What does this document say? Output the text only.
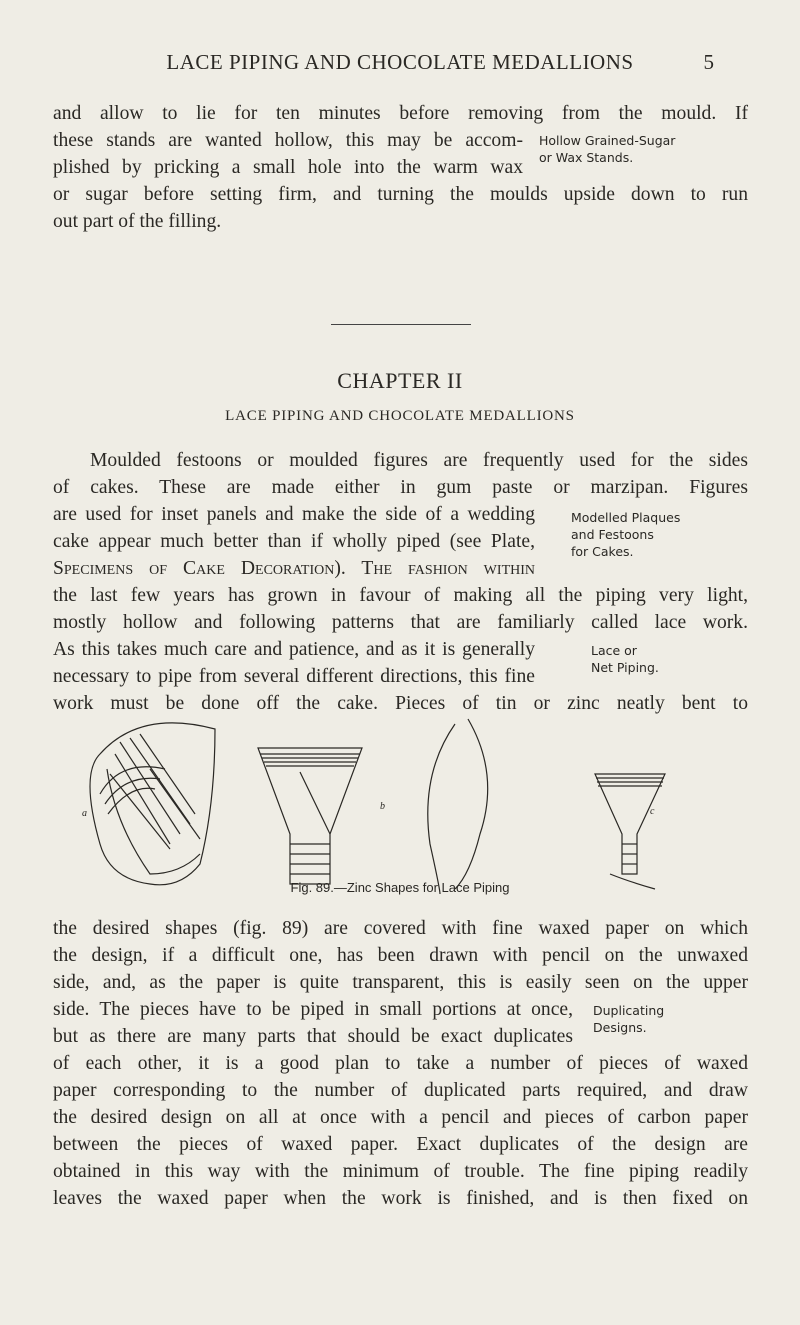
LACE PIPING AND CHOCOLATE MEDALLIONS	5
and allow to lie for ten minutes before removing from the mould. If
these stands are wanted hollow, this may be accom-
plished by pricking a small hole into the warm wax
or sugar before setting firm, and turning the moulds upside down to run
out part of the filling.
Hollow Grained-Sugar
or Wax Stands.
CHAPTER II
LACE PIPING AND CHOCOLATE MEDALLIONS
Moulded festoons or moulded figures are frequently used for the sides
of cakes. These are made either in gum paste or marzipan. Figures
are used for inset panels and make the side of a wedding
cake appear much better than if wholly piped (see Plate,
Specimens of Cake Decoration). The fashion within
the last few years has grown in favour of making all the piping very light,
mostly hollow and following patterns that are familiarly called lace work.
As this takes much care and patience, and as it is generally
necessary to pipe from several different directions, this fine
work must be done off the cake. Pieces of tin or zinc neatly bent to
Modelled Plaques
and Festoons
for Cakes.
Lace or
Net Piping.
a
b	c
Fig. 89.—Zinc Shapes for Lace Piping
the desired shapes (fig. 89) are covered with fine waxed paper on which
the design, if a difficult one, has been drawn with pencil on the unwaxed
side, and, as the paper is quite transparent, this is easily seen on the upper
side. The pieces have to be piped in small portions at once,
but as there are many parts that should be exact duplicates
of each other, it is a good plan to take a number of pieces of waxed
paper corresponding to the number of duplicated parts required, and draw
the desired design on all at once with a pencil and pieces of carbon paper
between the pieces of waxed paper. Exact duplicates of the design are
obtained in this way with the minimum of trouble. The fine piping readily
leaves the waxed paper when the work is finished, and is then fixed on
Duplicating
Designs.
